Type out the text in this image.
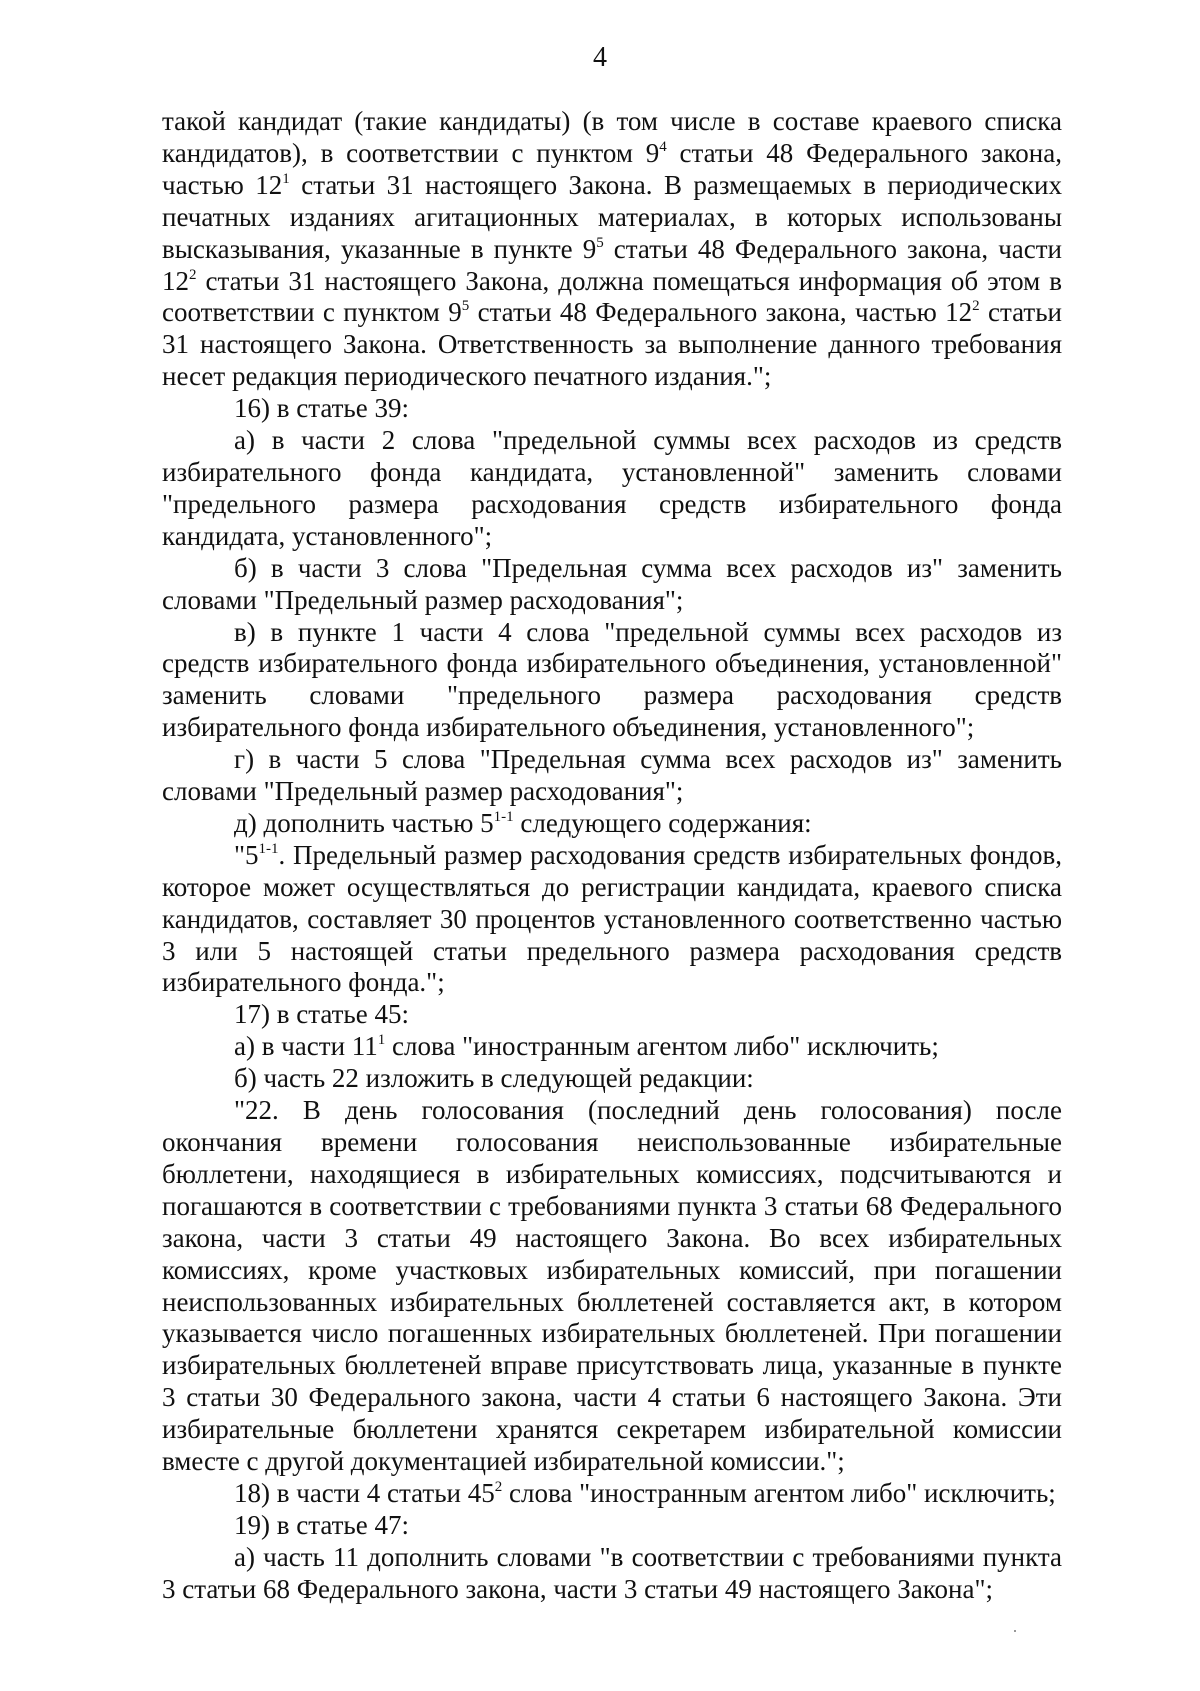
4

такой кандидат (такие кандидаты) (в том числе в составе краевого списка кандидатов), в соответствии с пунктом $9^4$ статьи 48 Федерального закона, частью $12^1$ статьи 31 настоящего Закона. В размещаемых в периодических печатных изданиях агитационных материалах, в которых использованы высказывания, указанные в пункте $9^5$ статьи 48 Федерального закона, части $12^2$ статьи 31 настоящего Закона, должна помещаться информация об этом в соответствии с пунктом $9^5$ статьи 48 Федерального закона, частью $12^2$ статьи 31 настоящего Закона. Ответственность за выполнение данного требования несет редакция периодического печатного издания.";

16) в статье 39:

а) в части 2 слова "предельной суммы всех расходов из средств избирательного фонда кандидата, установленной" заменить словами "предельного размера расходования средств избирательного фонда кандидата, установленного";

б) в части 3 слова "Предельная сумма всех расходов из" заменить словами "Предельный размер расходования";

в) в пункте 1 части 4 слова "предельной суммы всех расходов из средств избирательного фонда избирательного объединения, установленной" заменить словами "предельного размера расходования средств избирательного фонда избирательного объединения, установленного";

г) в части 5 слова "Предельная сумма всех расходов из" заменить словами "Предельный размер расходования";

д) дополнить частью 5$^{1-1}$ следующего содержания:

"5$^{1-1}$. Предельный размер расходования средств избирательных фондов, которое может осуществляться до регистрации кандидата, краевого списка кандидатов, составляет 30 процентов установленного соответственно частью 3 или 5 настоящей статьи предельного размера расходования средств избирательного фонда.";

17) в статье 45:

а) в части $11^1$ слова "иностранным агентом либо" исключить;

б) часть 22 изложить в следующей редакции:

"22. В день голосования (последний день голосования) после окончания времени голосования неиспользованные избирательные бюллетени, находящиеся в избирательных комиссиях, подсчитываются и погашаются в соответствии с требованиями пункта 3 статьи 68 Федерального закона, части 3 статьи 49 настоящего Закона. Во всех избирательных комиссиях, кроме участковых избирательных комиссий, при погашении неиспользованных избирательных бюллетеней составляется акт, в котором указывается число погашенных избирательных бюллетеней. При погашении избирательных бюллетеней вправе присутствовать лица, указанные в пункте 3 статьи 30 Федерального закона, части 4 статьи 6 настоящего Закона. Эти избирательные бюллетени хранятся секретарем избирательной комиссии вместе с другой документацией избирательной комиссии.";

18) в части 4 статьи $45^2$ слова "иностранным агентом либо" исключить;

19) в статье 47:

а) часть 11 дополнить словами "в соответствии с требованиями пункта 3 статьи 68 Федерального закона, части 3 статьи 49 настоящего Закона";
